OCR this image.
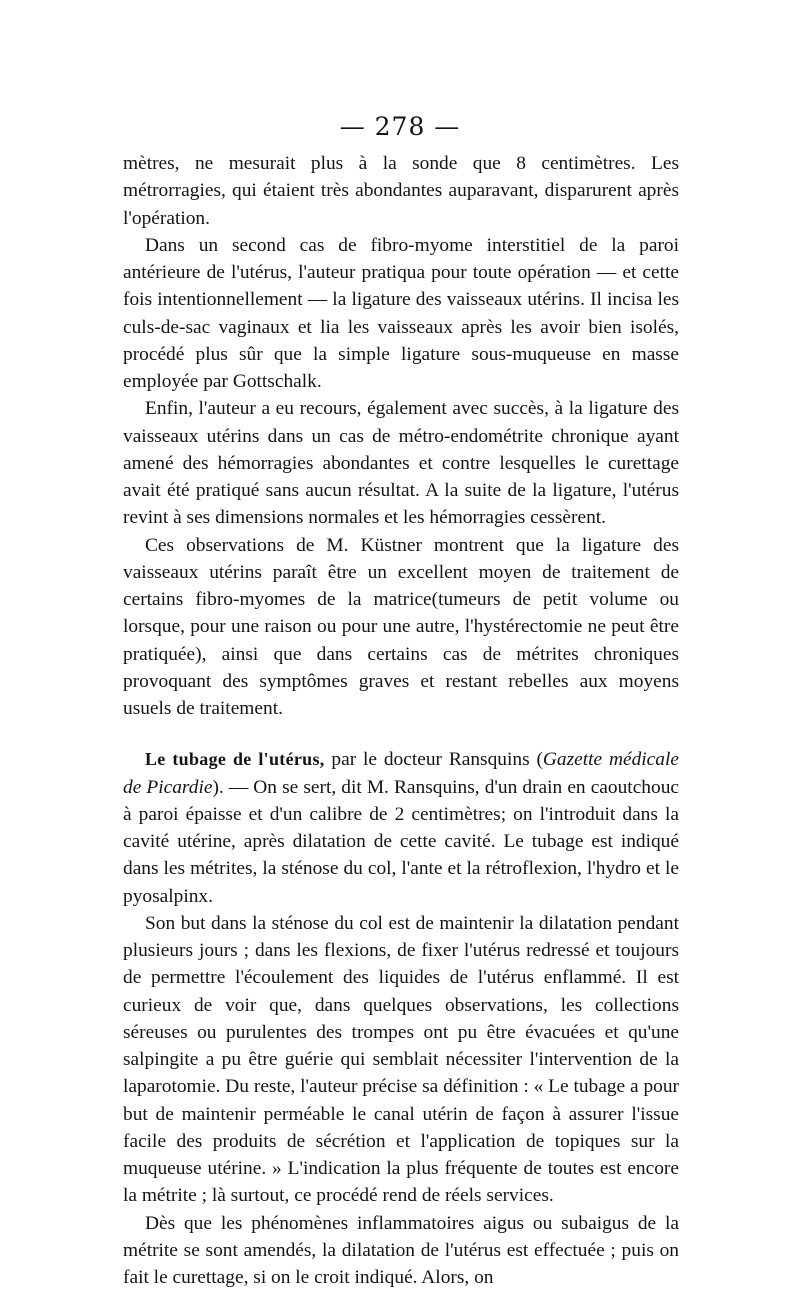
— 278 —

mètres, ne mesurait plus à la sonde que 8 centimètres. Les métrorragies, qui étaient très abondantes auparavant, disparurent après l'opération.

Dans un second cas de fibro-myome interstitiel de la paroi antérieure de l'utérus, l'auteur pratiqua pour toute opération — et cette fois intentionnellement — la ligature des vaisseaux utérins. Il incisa les culs-de-sac vaginaux et lia les vaisseaux après les avoir bien isolés, procédé plus sûr que la simple ligature sous-muqueuse en masse employée par Gottschalk.

Enfin, l'auteur a eu recours, également avec succès, à la ligature des vaisseaux utérins dans un cas de métro-endométrite chronique ayant amené des hémorragies abondantes et contre lesquelles le curettage avait été pratiqué sans aucun résultat. A la suite de la ligature, l'utérus revint à ses dimensions normales et les hémorragies cessèrent.

Ces observations de M. Küstner montrent que la ligature des vaisseaux utérins paraît être un excellent moyen de traitement de certains fibro-myomes de la matrice(tumeurs de petit volume ou lorsque, pour une raison ou pour une autre, l'hystérectomie ne peut être pratiquée), ainsi que dans certains cas de métrites chroniques provoquant des symptômes graves et restant rebelles aux moyens usuels de traitement.

Le tubage de l'utérus, par le docteur Ransquins (Gazette médicale de Picardie). — On se sert, dit M. Ransquins, d'un drain en caoutchouc à paroi épaisse et d'un calibre de 2 centimètres; on l'introduit dans la cavité utérine, après dilatation de cette cavité. Le tubage est indiqué dans les métrites, la sténose du col, l'ante et la rétroflexion, l'hydro et le pyosalpinx.

Son but dans la sténose du col est de maintenir la dilatation pendant plusieurs jours ; dans les flexions, de fixer l'utérus redressé et toujours de permettre l'écoulement des liquides de l'utérus enflammé. Il est curieux de voir que, dans quelques observations, les collections séreuses ou purulentes des trompes ont pu être évacuées et qu'une salpingite a pu être guérie qui semblait nécessiter l'intervention de la laparotomie. Du reste, l'auteur précise sa définition : « Le tubage a pour but de maintenir perméable le canal utérin de façon à assurer l'issue facile des produits de sécrétion et l'application de topiques sur la muqueuse utérine. » L'indication la plus fréquente de toutes est encore la métrite ; là surtout, ce procédé rend de réels services.

Dès que les phénomènes inflammatoires aigus ou subaigus de la métrite se sont amendés, la dilatation de l'utérus est effectuée ; puis on fait le curettage, si on le croit indiqué. Alors, on
